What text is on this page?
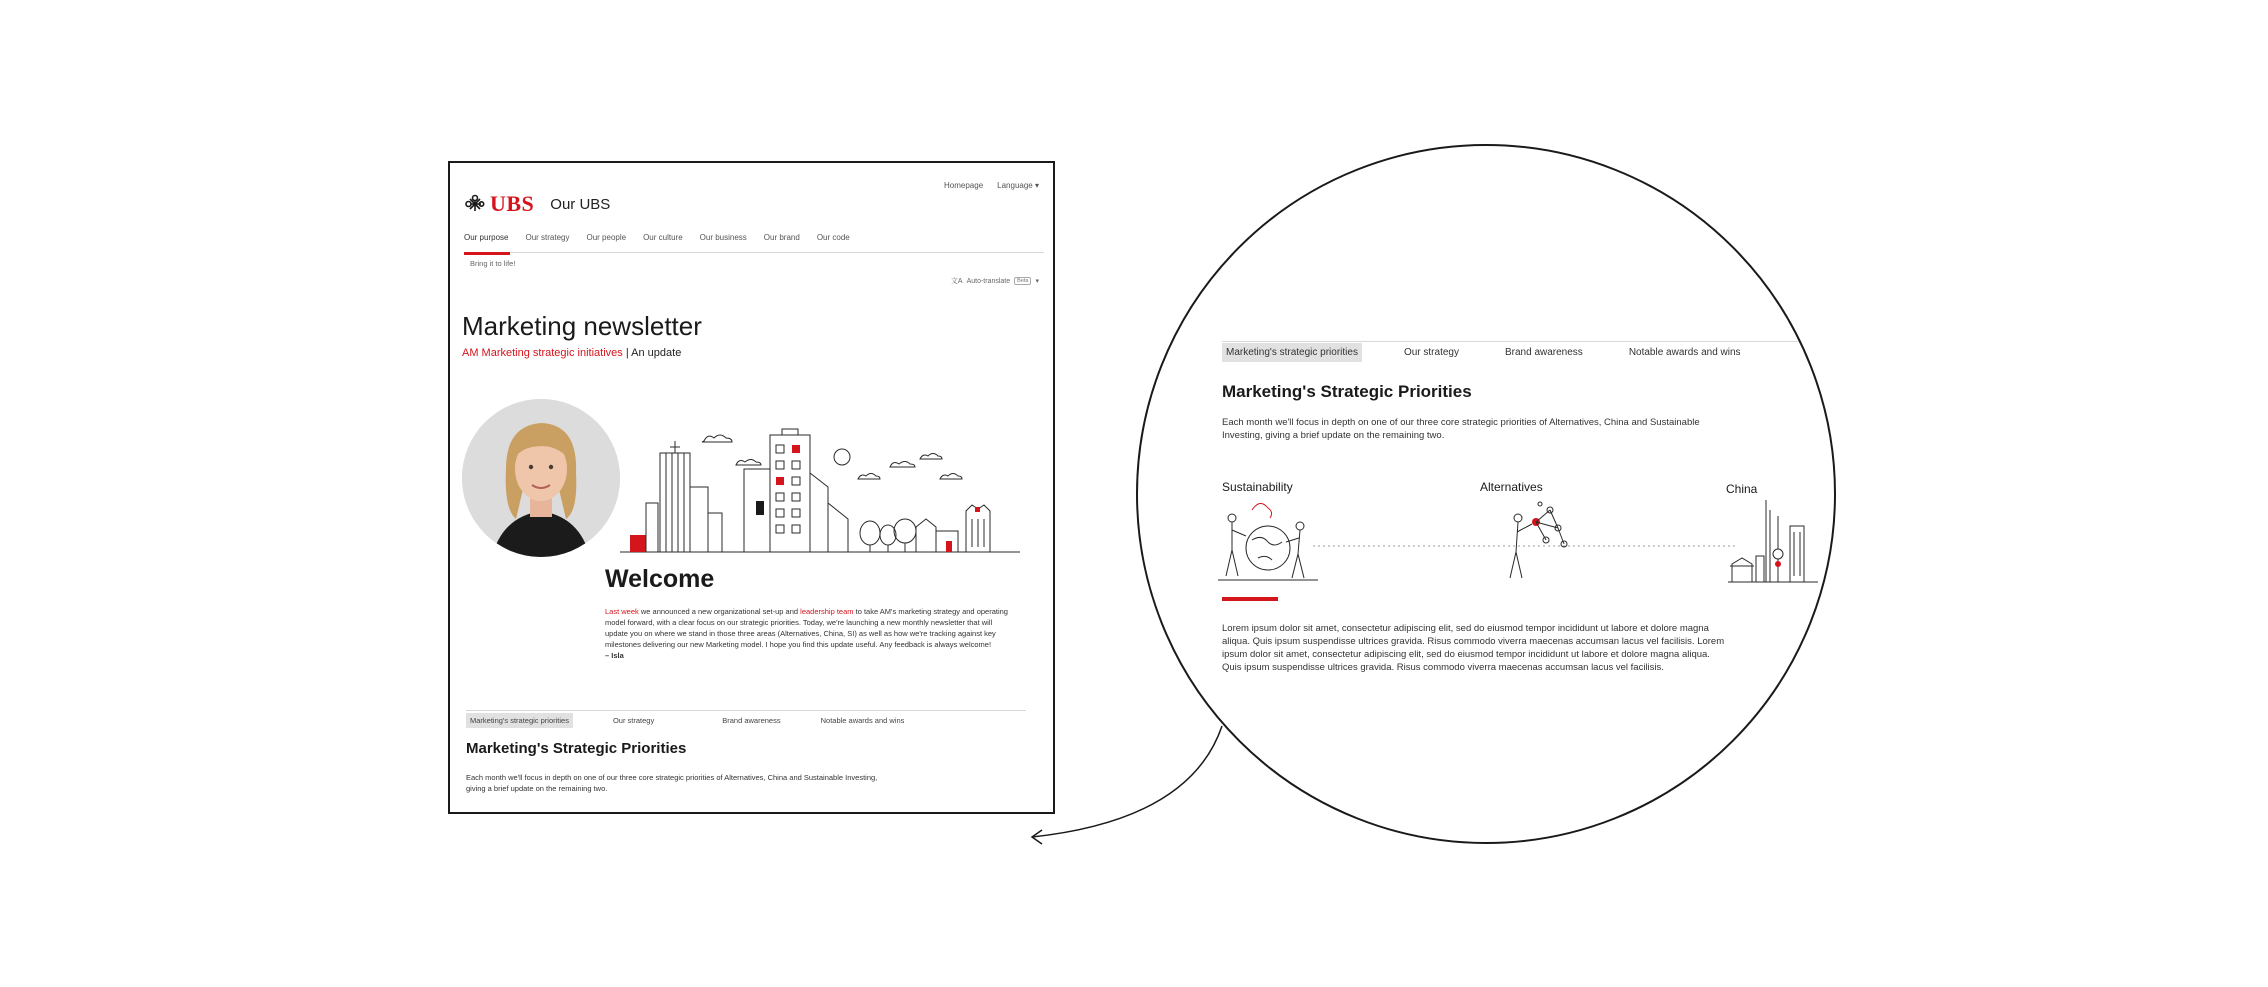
Homepage Language ▾
UBS Our UBS
Our purpose Our strategy Our people Our culture Our business Our brand Our code
Bring it to life!
文A Auto-translate	Beta	▾
Marketing newsletter
AM Marketing strategic initiatives | An update
Welcome

Last week we announced a new organizational set-up and leadership team to take AM's marketing strategy and operating model forward, with a clear focus on our strategic priorities. Today, we're launching a new monthly newsletter that will update you on where we stand in those three areas (Alternatives, China, SI) as well as how we're tracking against key milestones delivering our new Marketing model. I hope you find this update useful. Any feedback is always welcome!
– Isla

Marketing's strategic priorities	Our strategy	Brand awareness	Notable awards and wins
Marketing's Strategic Priorities

Each month we'll focus in depth on one of our three core strategic priorities of Alternatives, China and Sustainable Investing, giving a brief update on the remaining two.

Marketing's strategic priorities	Our strategy	Brand awareness	Notable awards and wins
Marketing's Strategic Priorities

Each month we'll focus in depth on one of our three core strategic priorities of Alternatives, China and Sustainable Investing, giving a brief update on the remaining two.

Sustainability	Alternatives	China

Lorem ipsum dolor sit amet, consectetur adipiscing elit, sed do eiusmod tempor incididunt ut labore et dolore magna aliqua. Quis ipsum suspendisse ultrices gravida. Risus commodo viverra maecenas accumsan lacus vel facilisis. Lorem ipsum dolor sit amet, consectetur adipiscing elit, sed do eiusmod tempor incididunt ut labore et dolore magna aliqua. Quis ipsum suspendisse ultrices gravida. Risus commodo viverra maecenas accumsan lacus vel facilisis.
